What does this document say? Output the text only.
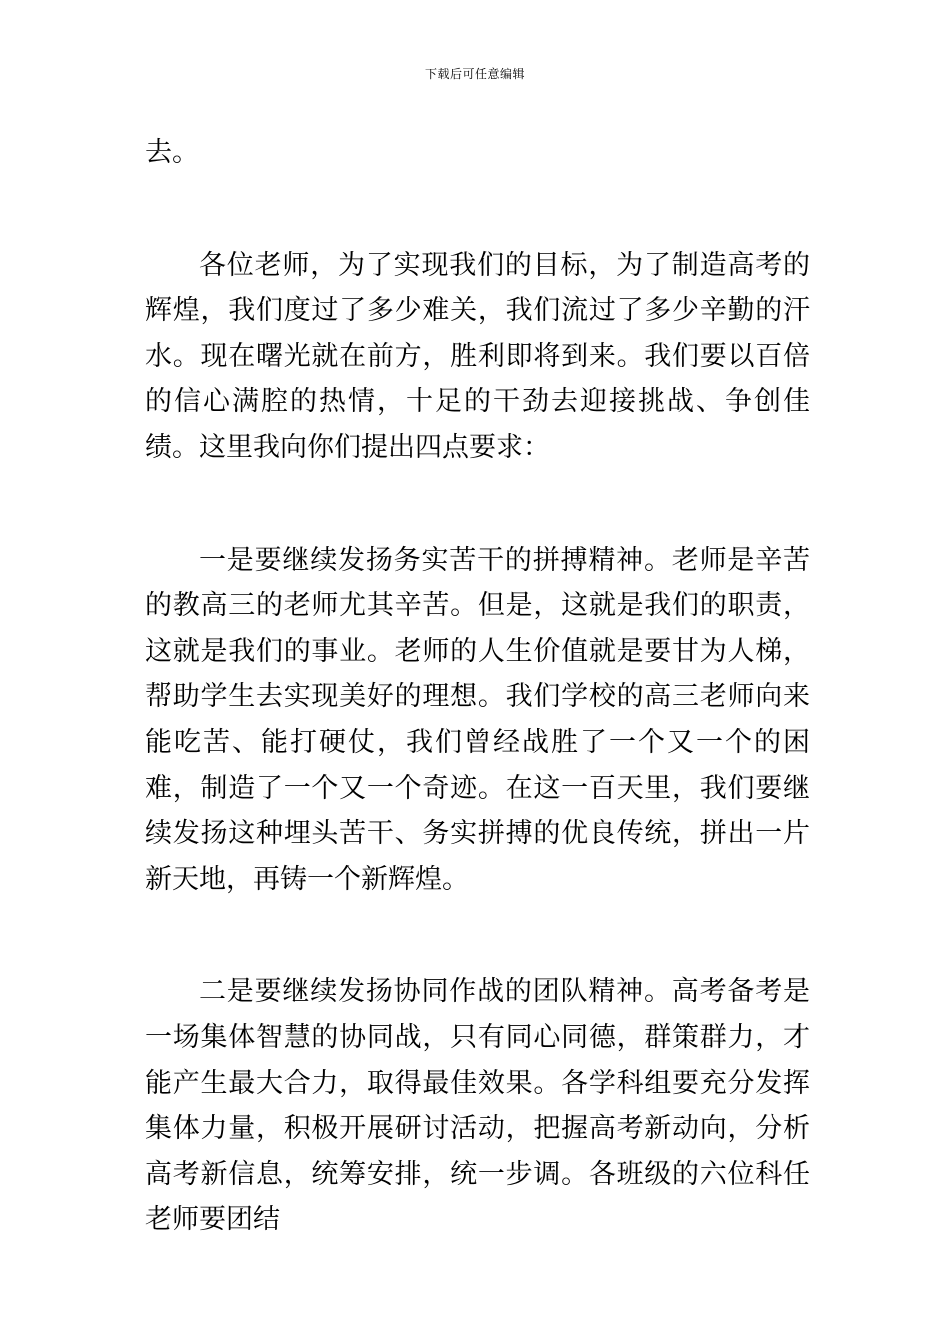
下载后可任意编辑

去。

各位老师，为了实现我们的目标，为了制造高考的辉煌，我们度过了多少难关，我们流过了多少辛勤的汗水。现在曙光就在前方，胜利即将到来。我们要以百倍的信心满腔的热情，十足的干劲去迎接挑战、争创佳绩。这里我向你们提出四点要求：

一是要继续发扬务实苦干的拼搏精神。老师是辛苦的教高三的老师尤其辛苦。但是，这就是我们的职责，这就是我们的事业。老师的人生价值就是要甘为人梯，帮助学生去实现美好的理想。我们学校的高三老师向来能吃苦、能打硬仗，我们曾经战胜了一个又一个的困难，制造了一个又一个奇迹。在这一百天里，我们要继续发扬这种埋头苦干、务实拼搏的优良传统，拼出一片新天地，再铸一个新辉煌。

二是要继续发扬协同作战的团队精神。高考备考是一场集体智慧的协同战，只有同心同德，群策群力，才能产生最大合力，取得最佳效果。各学科组要充分发挥集体力量，积极开展研讨活动，把握高考新动向，分析高考新信息，统筹安排，统一步调。各班级的六位科任老师要团结
